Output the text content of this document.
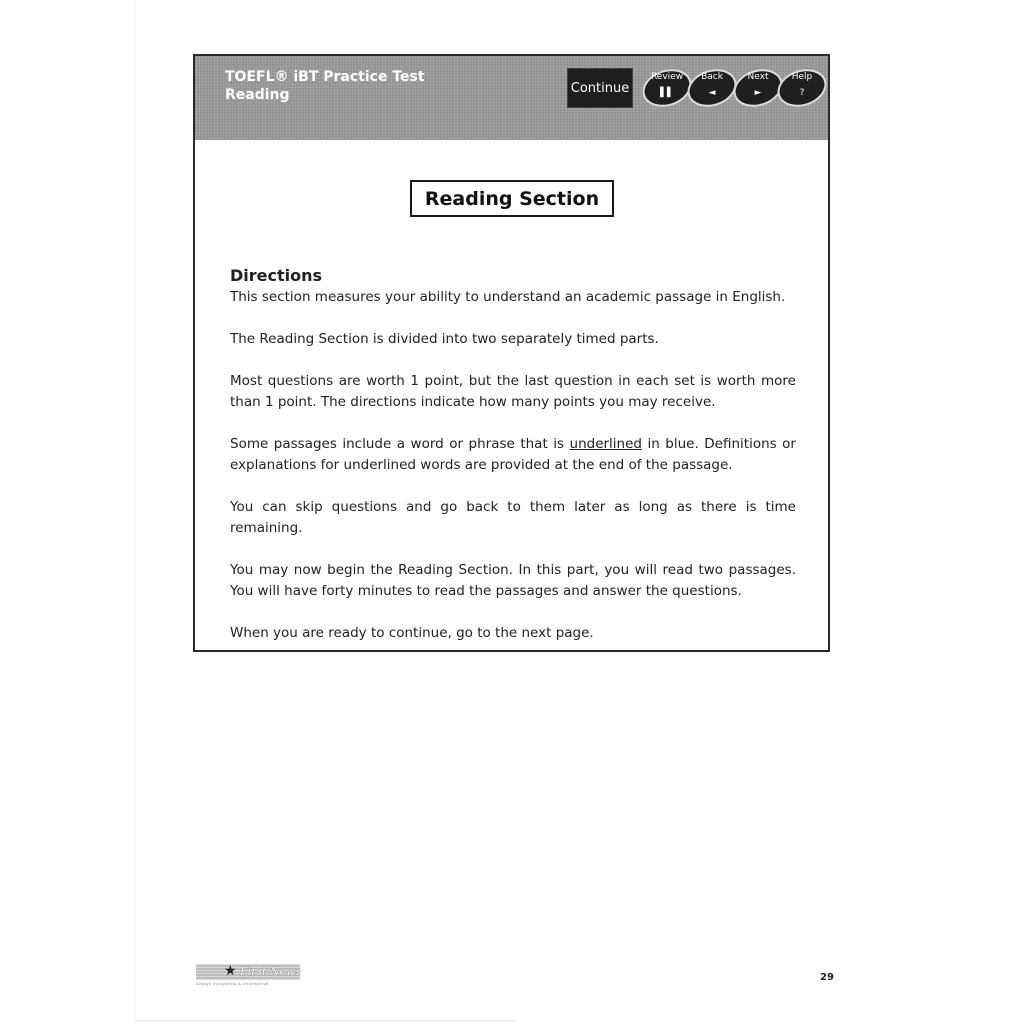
TOEFL® iBT Practice Test
Reading	Continue
Review
▌▌
Back
◄
Next
►
Help
?
Reading Section
Directions

This section measures your ability to understand an academic passage in English.

The Reading Section is divided into two separately timed parts.

Most questions are worth 1 point, but the last question in each set is worth more than 1 point. The directions indicate how many points you may receive.

Some passages include a word or phrase that is underlined in blue. Definitions or explanations for underlined words are provided at the end of the passage.

You can skip questions and go back to them later as long as there is time remaining.

You may now begin the Reading Section. In this part, you will read two passages. You will have forty minutes to read the passages and answer the questions.

When you are ready to continue, go to the next page.

★ First News
Always Innovating & Informative
29
